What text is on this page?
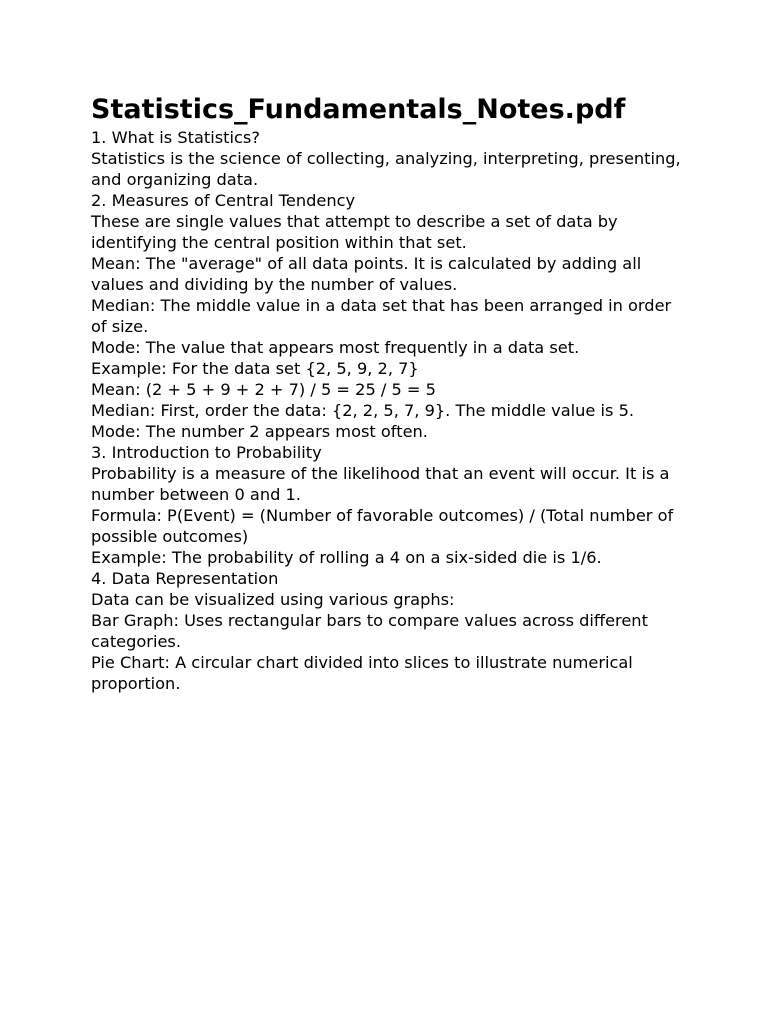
Statistics_Fundamentals_Notes.pdf

1. What is Statistics?

Statistics is the science of collecting, analyzing, interpreting, presenting, and organizing data.

2. Measures of Central Tendency

These are single values that attempt to describe a set of data by identifying the central position within that set.

Mean: The "average" of all data points. It is calculated by adding all values and dividing by the number of values.

Median: The middle value in a data set that has been arranged in order of size.

Mode: The value that appears most frequently in a data set.

Example: For the data set {2, 5, 9, 2, 7}

Mean: (2 + 5 + 9 + 2 + 7) / 5 = 25 / 5 = 5

Median: First, order the data: {2, 2, 5, 7, 9}. The middle value is 5.

Mode: The number 2 appears most often.

3. Introduction to Probability

Probability is a measure of the likelihood that an event will occur. It is a number between 0 and 1.

Formula: P(Event) = (Number of favorable outcomes) / (Total number of possible outcomes)

Example: The probability of rolling a 4 on a six-sided die is 1/6.

4. Data Representation

Data can be visualized using various graphs:

Bar Graph: Uses rectangular bars to compare values across different categories.

Pie Chart: A circular chart divided into slices to illustrate numerical proportion.
